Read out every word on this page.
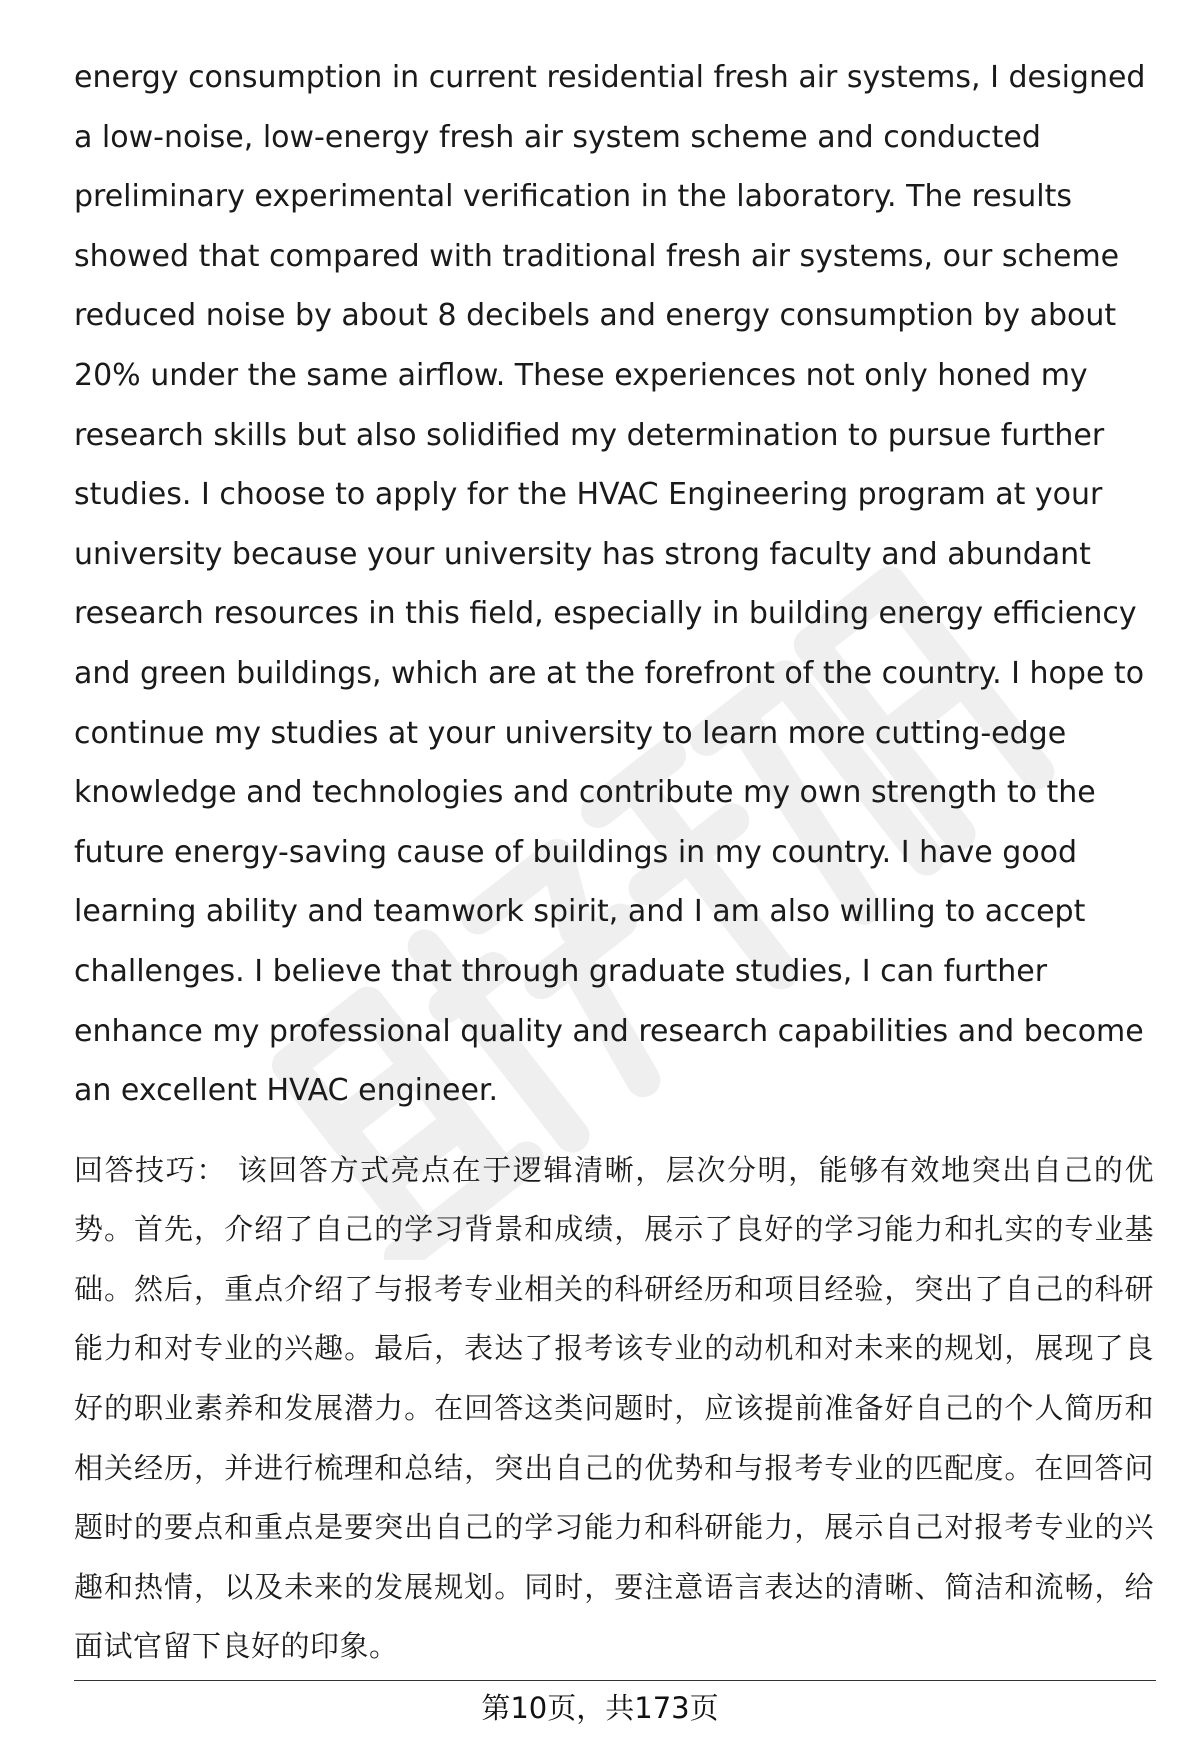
energy consumption in current residential fresh air systems, I designed a low-noise, low-energy fresh air system scheme and conducted preliminary experimental verification in the laboratory. The results showed that compared with traditional fresh air systems, our scheme reduced noise by about 8 decibels and energy consumption by about 20% under the same airflow. These experiences not only honed my research skills but also solidified my determination to pursue further studies. I choose to apply for the HVAC Engineering program at your university because your university has strong faculty and abundant research resources in this field, especially in building energy efficiency and green buildings, which are at the forefront of the country. I hope to continue my studies at your university to learn more cutting-edge knowledge and technologies and contribute my own strength to the future energy-saving cause of buildings in my country. I have good learning ability and teamwork spirit, and I am also willing to accept challenges. I believe that through graduate studies, I can further enhance my professional quality and research capabilities and become an excellent HVAC engineer.

回答技巧： 该回答方式亮点在于逻辑清晰，层次分明，能够有效地突出自己的优势。首先，介绍了自己的学习背景和成绩，展示了良好的学习能力和扎实的专业基础。然后，重点介绍了与报考专业相关的科研经历和项目经验，突出了自己的科研能力和对专业的兴趣。最后，表达了报考该专业的动机和对未来的规划，展现了良好的职业素养和发展潜力。在回答这类问题时，应该提前准备好自己的个人简历和相关经历，并进行梳理和总结，突出自己的优势和与报考专业的匹配度。在回答问题时的要点和重点是要突出自己的学习能力和科研能力，展示自己对报考专业的兴趣和热情，以及未来的发展规划。同时，要注意语言表达的清晰、简洁和流畅，给面试官留下良好的印象。

第10页，共173页
